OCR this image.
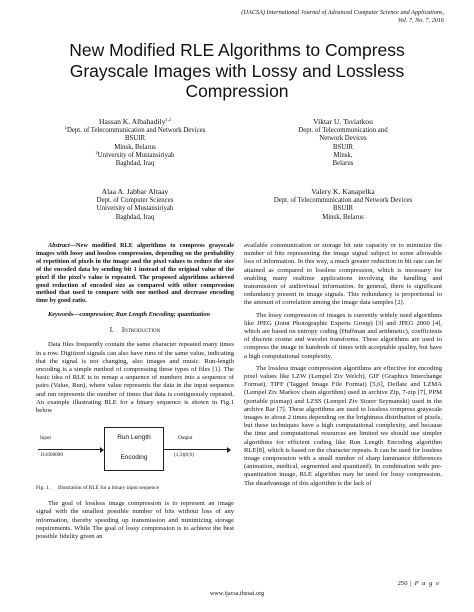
(IJACSA) International Journal of Advanced Computer Science and Applications,
Vol. 7, No. 7, 2016
New Modified RLE Algorithms to Compress Grayscale Images with Lossy and Lossless Compression
Hassan K. Albahadily$^{1,2}$
$^1$Dept. of Telecommunication and Network Devices
BSUIR
Minsk, Belarus
$^2$University of Mustansiriyah
Baghdad, Iraq
Viktar U. Tsviatkou
Dept. of Telecommunication and
Network Devices
BSUIR
Minsk,
Belarus
Alaa A. Jabbar Altaay
Dept. of Computer Sciences
University of Mustansiriyah
Baghdad, Iraq
Valery K. Kanapelka
Dept. of Telecommunication and Network Devices
BSUIR
Minsk, Belarus
Abstract—New modified RLE algorithms to compress grayscale images with lossy and lossless compression, depending on the probability of repetition of pixels in the image and the pixel values to reduce the size of the encoded data by sending bit 1 instead of the original value of the pixel if the pixel's value is repeated. The proposed algorithms achieved good reduction of encoded size as compared with other compression method that used to compare with our method and decrease encoding time by good ratio.
Keywords—compression; Run Length Encoding; quantization
I. Introduction
Data files frequently contain the same character repeated many times in a row. Digitized signals can also have runs of the same value, indicating that the signal is not changing, also images and music. Run-length encoding is a simple method of compressing these types of files [1]. The basic idea of RLE is to remap a sequence of numbers into a sequence of pairs (Value, Run), where value represents the data in the input sequence and run represents the number of times that data is contiguously repeated. An example illustrating RLE for a binary sequence is shown in Fig.1 below
Input
111000000
Run Length
Encoding
Output
(1,3)(0,6)
Fig. 1. Illustration of RLE for a binary input sequence
The goal of lossless image compression is to represent an image signal with the smallest possible number of bits without loss of any information, thereby speeding up transmission and minimizing storage requirements. While The goal of lossy compression is to achieve the best possible fidelity given an
available communication or storage bit rate capacity or to minimize the number of bits representing the image signal subject to some allowable loss of information. In this way, a much greater reduction in bit rate can be attained as compared to lossless compression, which is necessary for enabling many realtime applications involving the handling and transmission of audiovisual information. In general, there is significant redundancy present in image signals. This redundancy is proportional to the amount of correlation among the image data samples [2].
The lossy compression of images is currently widely used algorithms like JPEG (Joint Photographic Experts Group) [3] and JPEG 2000 [4], which are based on entropy coding (Huffman and arithmetic), coefficients of discrete cosine and wavelet transforms. These algorithms are used to compress the image in hundreds of times with acceptable quality, but have a high computational complexity.
The lossless image compression algorithms are effective for encoding pixel values like LZW (Lempel Ziv Welch), GIF (Graphics Interchange Format), TIFF (Tagged Image File Format) [5,6], Deflate and LZMA (Lempel Ziv Markov chain algorithm) used in archive Zip, 7-zip [7], PPM (portable pixmap) and LZSS (Lempel Ziv Storer Szymanski) used in the archive Rar [7]. These algorithms are used to lossless compress grayscale images to about 2 times depending on the brightness distribution of pixels, but these techniques have a high computational complexity, and because the time and computational resources are limited we should use simpler algorithms for efficient coding like Run Length Encoding algorithm RLE[8], which is based on the character repeats. It can be used for lossless image compression with a small number of sharp luminance differences (animation, medical, segmented and quantized). In combination with pre-quantization image, RLE algorithm may be used for lossy compression. The disadvantage of this algorithm is the lack of
250 | P a g e
www.ijacsa.thesai.org
